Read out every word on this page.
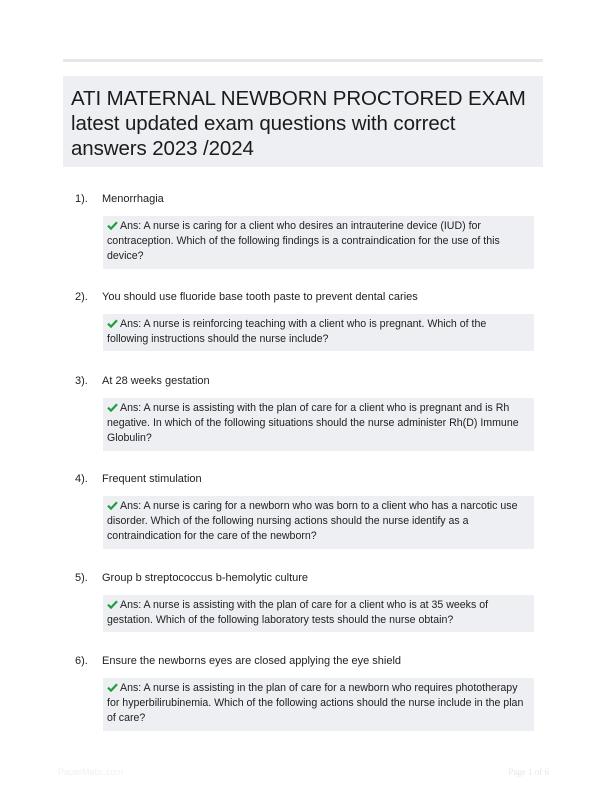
ATI MATERNAL NEWBORN PROCTORED EXAM latest updated exam questions with correct answers 2023 /2024
1). Menorrhagia
Ans: A nurse is caring for a client who desires an intrauterine device (IUD) for contraception. Which of the following findings is a contraindication for the use of this device?
2). You should use fluoride base tooth paste to prevent dental caries
Ans: A nurse is reinforcing teaching with a client who is pregnant. Which of the following instructions should the nurse include?
3). At 28 weeks gestation
Ans: A nurse is assisting with the plan of care for a client who is pregnant and is Rh negative. In which of the following situations should the nurse administer Rh(D) Immune Globulin?
4). Frequent stimulation
Ans: A nurse is caring for a newborn who was born to a client who has a narcotic use disorder. Which of the following nursing actions should the nurse identify as a contraindication for the care of the newborn?
5). Group b streptococcus b-hemolytic culture
Ans: A nurse is assisting with the plan of care for a client who is at 35 weeks of gestation. Which of the following laboratory tests should the nurse obtain?
6). Ensure the newborns eyes are closed applying the eye shield
Ans: A nurse is assisting in the plan of care for a newborn who requires phototherapy for hyperbilirubinemia. Which of the following actions should the nurse include in the plan of care?
PaperMatic.com	Page 1 of 6
